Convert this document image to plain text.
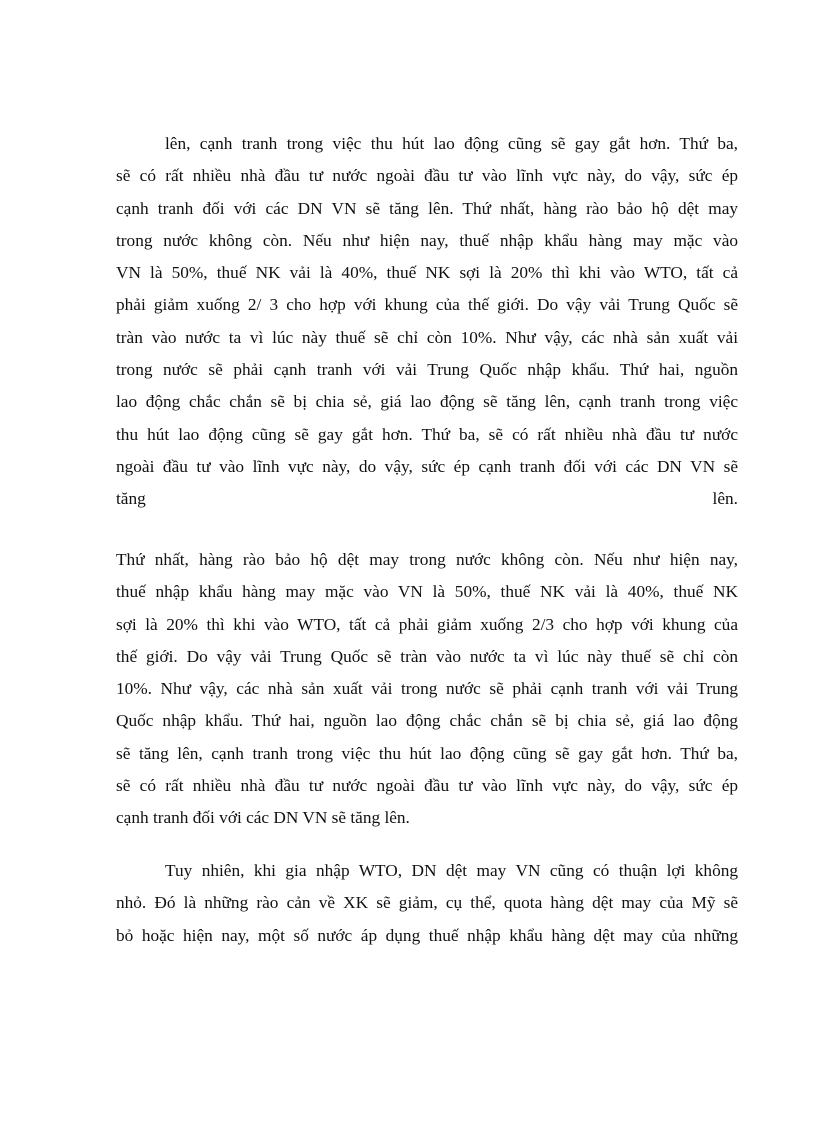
lên, cạnh tranh trong việc thu hút lao động cũng sẽ gay gắt hơn. Thứ ba,
sẽ có rất nhiều nhà đầu tư nước ngoài đầu tư vào lĩnh vực này, do vậy, sức ép
cạnh tranh đối với các DN VN sẽ tăng lên. Thứ nhất, hàng rào bảo hộ dệt may
trong nước không còn. Nếu như hiện nay, thuế nhập khẩu hàng may mặc vào
VN là 50%, thuế NK vải là 40%, thuế NK sợi là 20% thì khi vào WTO, tất cả
phải giảm xuống 2/ 3 cho hợp với khung của thế giới. Do vậy vải Trung Quốc sẽ
tràn vào nước ta vì lúc này thuế sẽ chỉ còn 10%. Như vậy, các nhà sản xuất vải
trong nước sẽ phải cạnh tranh với vải Trung Quốc nhập khẩu. Thứ hai, nguồn
lao động chắc chắn sẽ bị chia sẻ, giá lao động sẽ tăng lên, cạnh tranh trong việc
thu hút lao động cũng sẽ gay gắt hơn. Thứ ba, sẽ có rất nhiều nhà đầu tư nước
ngoài đầu tư vào lĩnh vực này, do vậy, sức ép cạnh tranh đối với các DN VN sẽ
tăng lên.
Thứ nhất, hàng rào bảo hộ dệt may trong nước không còn. Nếu như hiện nay,
thuế nhập khẩu hàng may mặc vào VN là 50%, thuế NK vải là 40%, thuế NK
sợi là 20% thì khi vào WTO, tất cả phải giảm xuống 2/3 cho hợp với khung của
thế giới. Do vậy vải Trung Quốc sẽ tràn vào nước ta vì lúc này thuế sẽ chỉ còn
10%. Như vậy, các nhà sản xuất vải trong nước sẽ phải cạnh tranh với vải Trung
Quốc nhập khẩu. Thứ hai, nguồn lao động chắc chắn sẽ bị chia sẻ, giá lao động
sẽ tăng lên, cạnh tranh trong việc thu hút lao động cũng sẽ gay gắt hơn. Thứ ba,
sẽ có rất nhiều nhà đầu tư nước ngoài đầu tư vào lĩnh vực này, do vậy, sức ép
cạnh tranh đối với các DN VN sẽ tăng lên.
Tuy nhiên, khi gia nhập WTO, DN dệt may VN cũng có thuận lợi không
nhỏ. Đó là những rào cản về XK sẽ giảm, cụ thể, quota hàng dệt may của Mỹ sẽ
bỏ hoặc hiện nay, một số nước áp dụng thuế nhập khẩu hàng dệt may của những
